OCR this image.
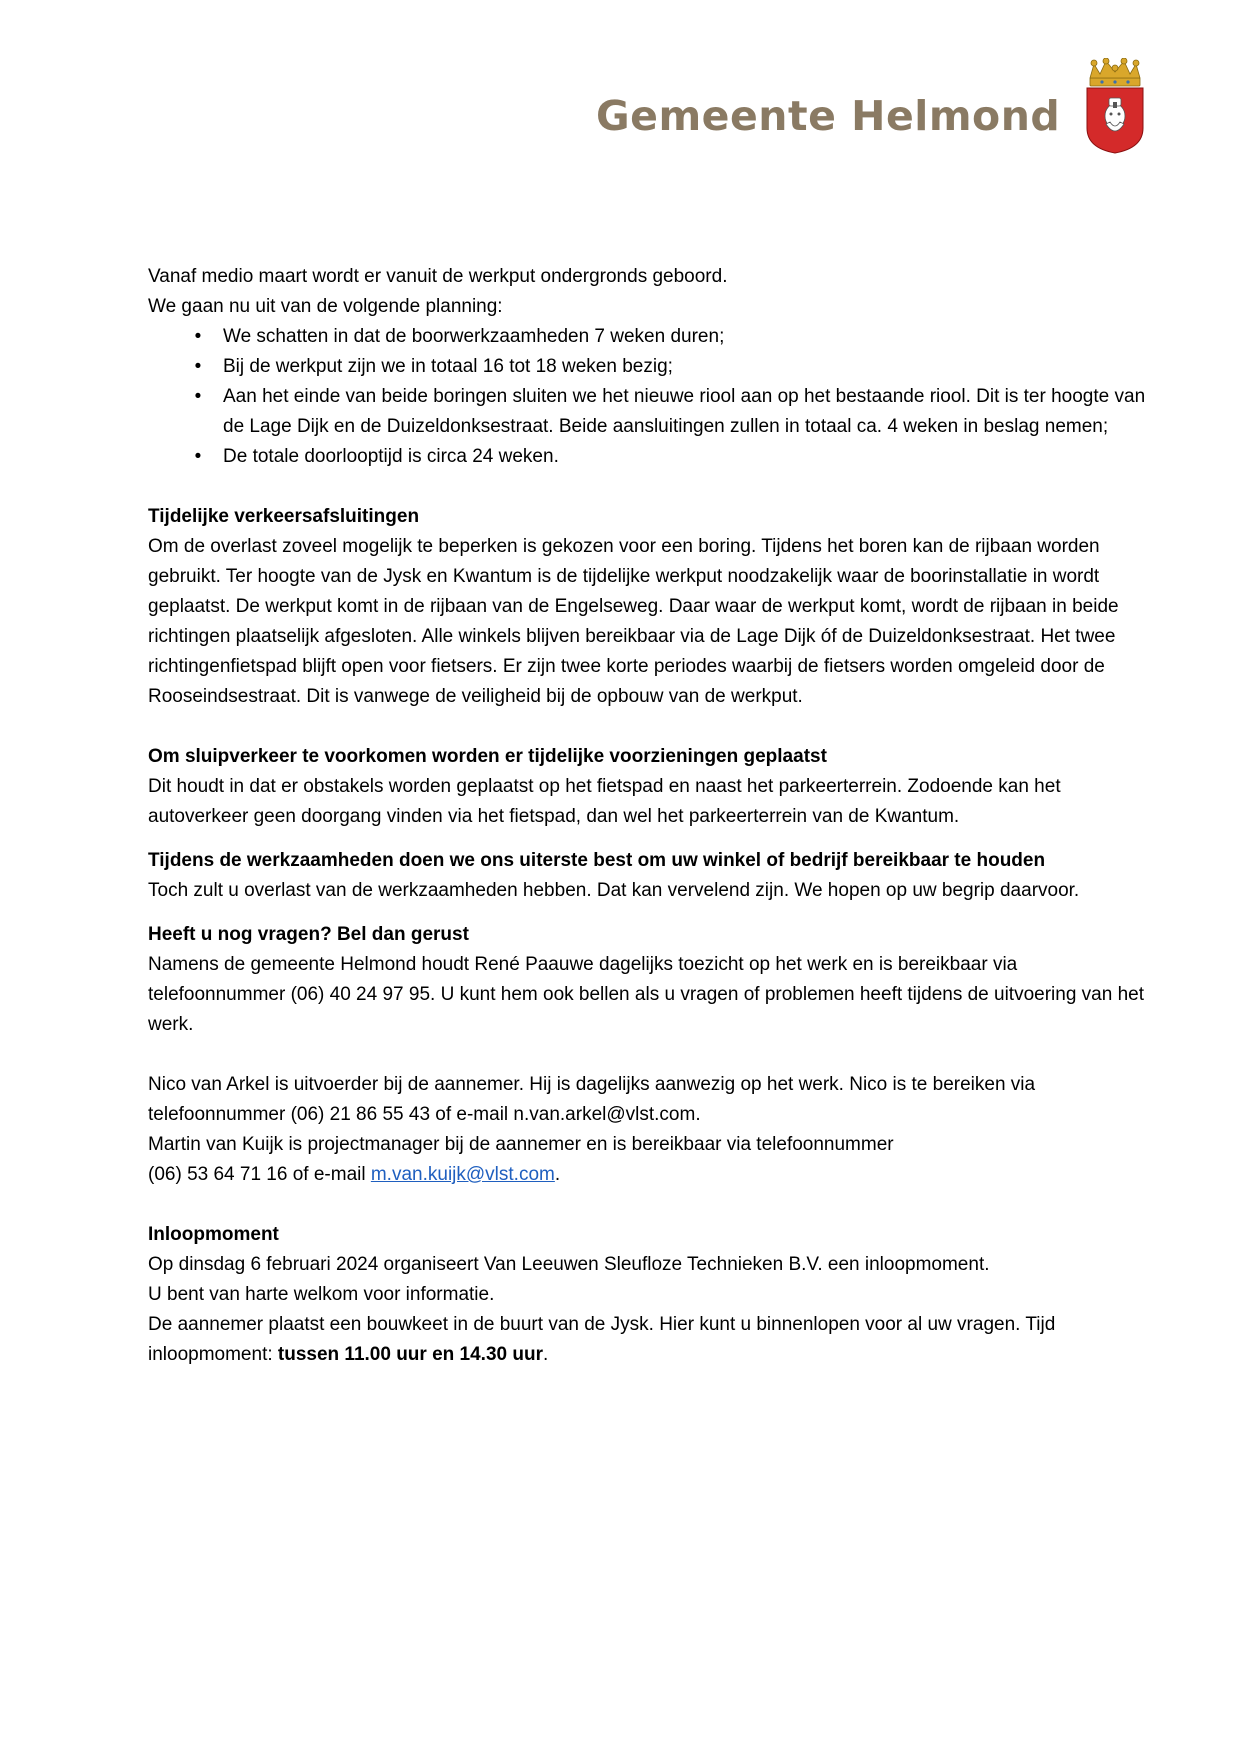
Gemeente Helmond

Vanaf medio maart wordt er vanuit de werkput ondergronds geboord.

We gaan nu uit van de volgende planning:

•	We schatten in dat de boorwerkzaamheden 7 weken duren;
•	Bij de werkput zijn we in totaal 16 tot 18 weken bezig;
•	Aan het einde van beide boringen sluiten we het nieuwe riool aan op het bestaande riool. Dit is ter hoogte van de Lage Dijk en de Duizeldonksestraat. Beide aansluitingen zullen in totaal ca. 4 weken in beslag nemen;
•	De totale doorlooptijd is circa 24 weken.

Tijdelijke verkeersafsluitingen

Om de overlast zoveel mogelijk te beperken is gekozen voor een boring. Tijdens het boren kan de rijbaan worden gebruikt. Ter hoogte van de Jysk en Kwantum is de tijdelijke werkput noodzakelijk waar de boorinstallatie in wordt geplaatst. De werkput komt in de rijbaan van de Engelseweg. Daar waar de werkput komt, wordt de rijbaan in beide richtingen plaatselijk afgesloten. Alle winkels blijven bereikbaar via de Lage Dijk óf de Duizeldonksestraat. Het twee richtingenfietspad blijft open voor fietsers. Er zijn twee korte periodes waarbij de fietsers worden omgeleid door de Rooseindsestraat. Dit is vanwege de veiligheid bij de opbouw van de werkput.

Om sluipverkeer te voorkomen worden er tijdelijke voorzieningen geplaatst

Dit houdt in dat er obstakels worden geplaatst op het fietspad en naast het parkeerterrein. Zodoende kan het autoverkeer geen doorgang vinden via het fietspad, dan wel het parkeerterrein van de Kwantum.

Tijdens de werkzaamheden doen we ons uiterste best om uw winkel of bedrijf bereikbaar te houden

Toch zult u overlast van de werkzaamheden hebben. Dat kan vervelend zijn. We hopen op uw begrip daarvoor.

Heeft u nog vragen? Bel dan gerust

Namens de gemeente Helmond houdt René Paauwe dagelijks toezicht op het werk en is bereikbaar via telefoonnummer (06) 40 24 97 95. U kunt hem ook bellen als u vragen of problemen heeft tijdens de uitvoering van het werk.

Nico van Arkel is uitvoerder bij de aannemer. Hij is dagelijks aanwezig op het werk. Nico is te bereiken via telefoonnummer (06) 21 86 55 43 of e-mail n.van.arkel@vlst.com.

Martin van Kuijk is projectmanager bij de aannemer en is bereikbaar via telefoonnummer

(06) 53 64 71 16 of e-mail m.van.kuijk@vlst.com.

Inloopmoment

Op dinsdag 6 februari 2024 organiseert Van Leeuwen Sleufloze Technieken B.V. een inloopmoment.

U bent van harte welkom voor informatie.

De aannemer plaatst een bouwkeet in de buurt van de Jysk. Hier kunt u binnenlopen voor al uw vragen. Tijd inloopmoment: tussen 11.00 uur en 14.30 uur.
